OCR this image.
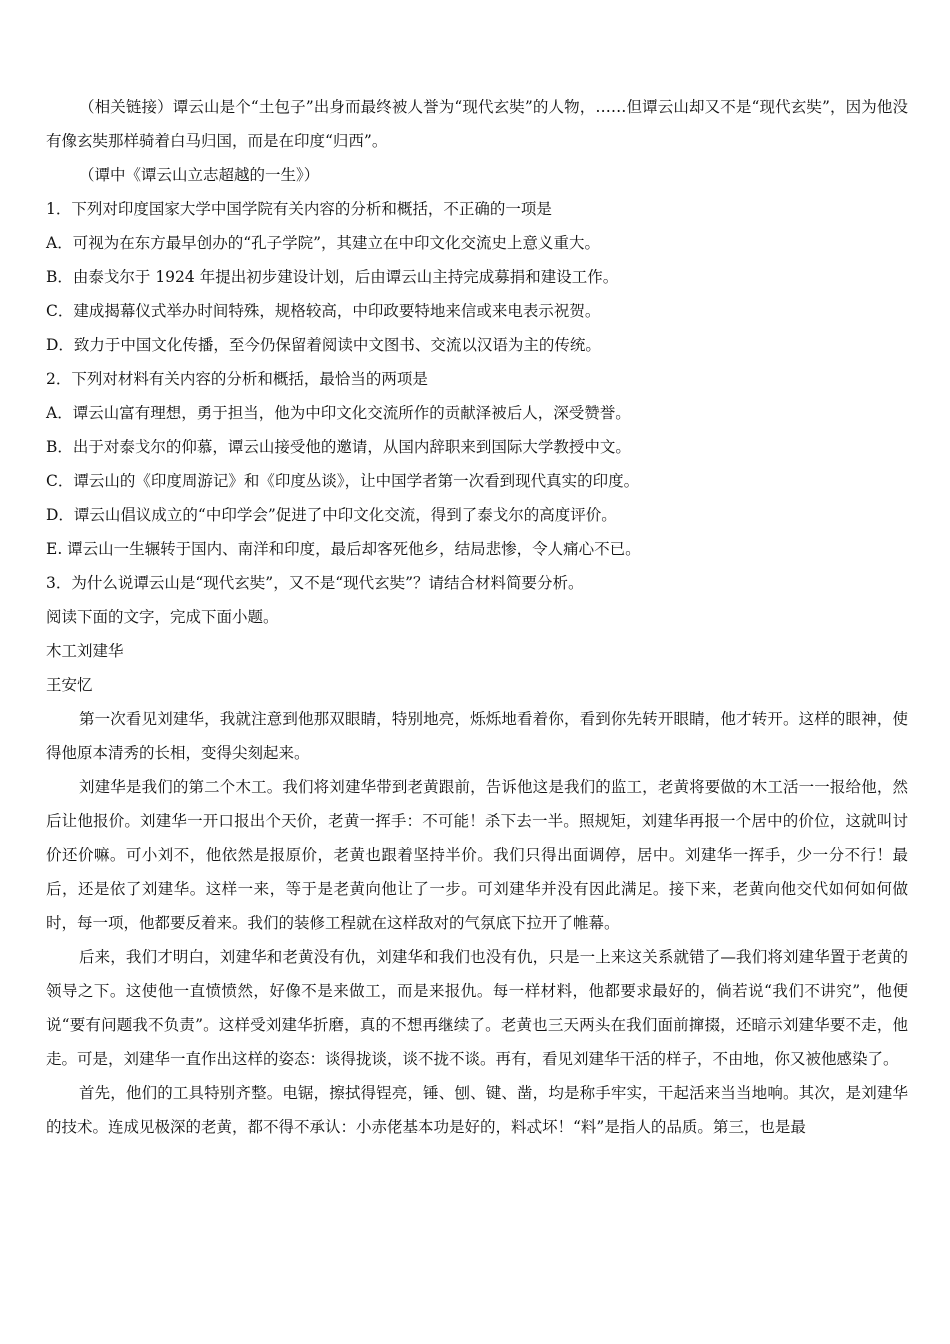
（相关链接）谭云山是个“土包子”出身而最终被人誉为“现代玄奘”的人物，……但谭云山却又不是“现代玄奘”，因为他没有像玄奘那样骑着白马归国，而是在印度“归西”。

（谭中《谭云山立志超越的一生》）

1．下列对印度国家大学中国学院有关内容的分析和概括，不正确的一项是

A．可视为在东方最早创办的“孔子学院”，其建立在中印文化交流史上意义重大。

B．由泰戈尔于 1924 年提出初步建设计划，后由谭云山主持完成募捐和建设工作。

C．建成揭幕仪式举办时间特殊，规格较高，中印政要特地来信或来电表示祝贺。

D．致力于中国文化传播，至今仍保留着阅读中文图书、交流以汉语为主的传统。

2．下列对材料有关内容的分析和概括，最恰当的两项是

A．谭云山富有理想，勇于担当，他为中印文化交流所作的贡献泽被后人，深受赞誉。

B．出于对泰戈尔的仰慕，谭云山接受他的邀请，从国内辞职来到国际大学教授中文。

C．谭云山的《印度周游记》和《印度丛谈》，让中国学者第一次看到现代真实的印度。

D．谭云山倡议成立的“中印学会”促进了中印文化交流，得到了泰戈尔的高度评价。

E. 谭云山一生辗转于国内、南洋和印度，最后却客死他乡，结局悲惨，令人痛心不已。

3．为什么说谭云山是“现代玄奘”，又不是“现代玄奘”？请结合材料简要分析。

阅读下面的文字，完成下面小题。

木工刘建华

王安忆

第一次看见刘建华，我就注意到他那双眼睛，特别地亮，烁烁地看着你，看到你先转开眼睛，他才转开。这样的眼神，使得他原本清秀的长相，变得尖刻起来。

刘建华是我们的第二个木工。我们将刘建华带到老黄跟前，告诉他这是我们的监工，老黄将要做的木工活一一报给他，然后让他报价。刘建华一开口报出个天价，老黄一挥手：不可能！杀下去一半。照规矩，刘建华再报一个居中的价位，这就叫讨价还价嘛。可小刘不，他依然是报原价，老黄也跟着坚持半价。我们只得出面调停，居中。刘建华一挥手，少一分不行！最后，还是依了刘建华。这样一来，等于是老黄向他让了一步。可刘建华并没有因此满足。接下来，老黄向他交代如何如何做时，每一项，他都要反着来。我们的装修工程就在这样敌对的气氛底下拉开了帷幕。

后来，我们才明白，刘建华和老黄没有仇，刘建华和我们也没有仇，只是一上来这关系就错了—我们将刘建华置于老黄的领导之下。这使他一直愤愤然，好像不是来做工，而是来报仇。每一样材料，他都要求最好的，倘若说“我们不讲究”，他便说“要有问题我不负责”。这样受刘建华折磨，真的不想再继续了。老黄也三天两头在我们面前撺掇，还暗示刘建华要不走，他走。可是，刘建华一直作出这样的姿态：谈得拢谈，谈不拢不谈。再有，看见刘建华干活的样子，不由地，你又被他感染了。

首先，他们的工具特别齐整。电锯，擦拭得锃亮，锤、刨、键、凿，均是称手牢实，干起活来当当地响。其次，是刘建华的技术。连成见极深的老黄，都不得不承认：小赤佬基本功是好的，料忒坏！“料”是指人的品质。第三，也是最
